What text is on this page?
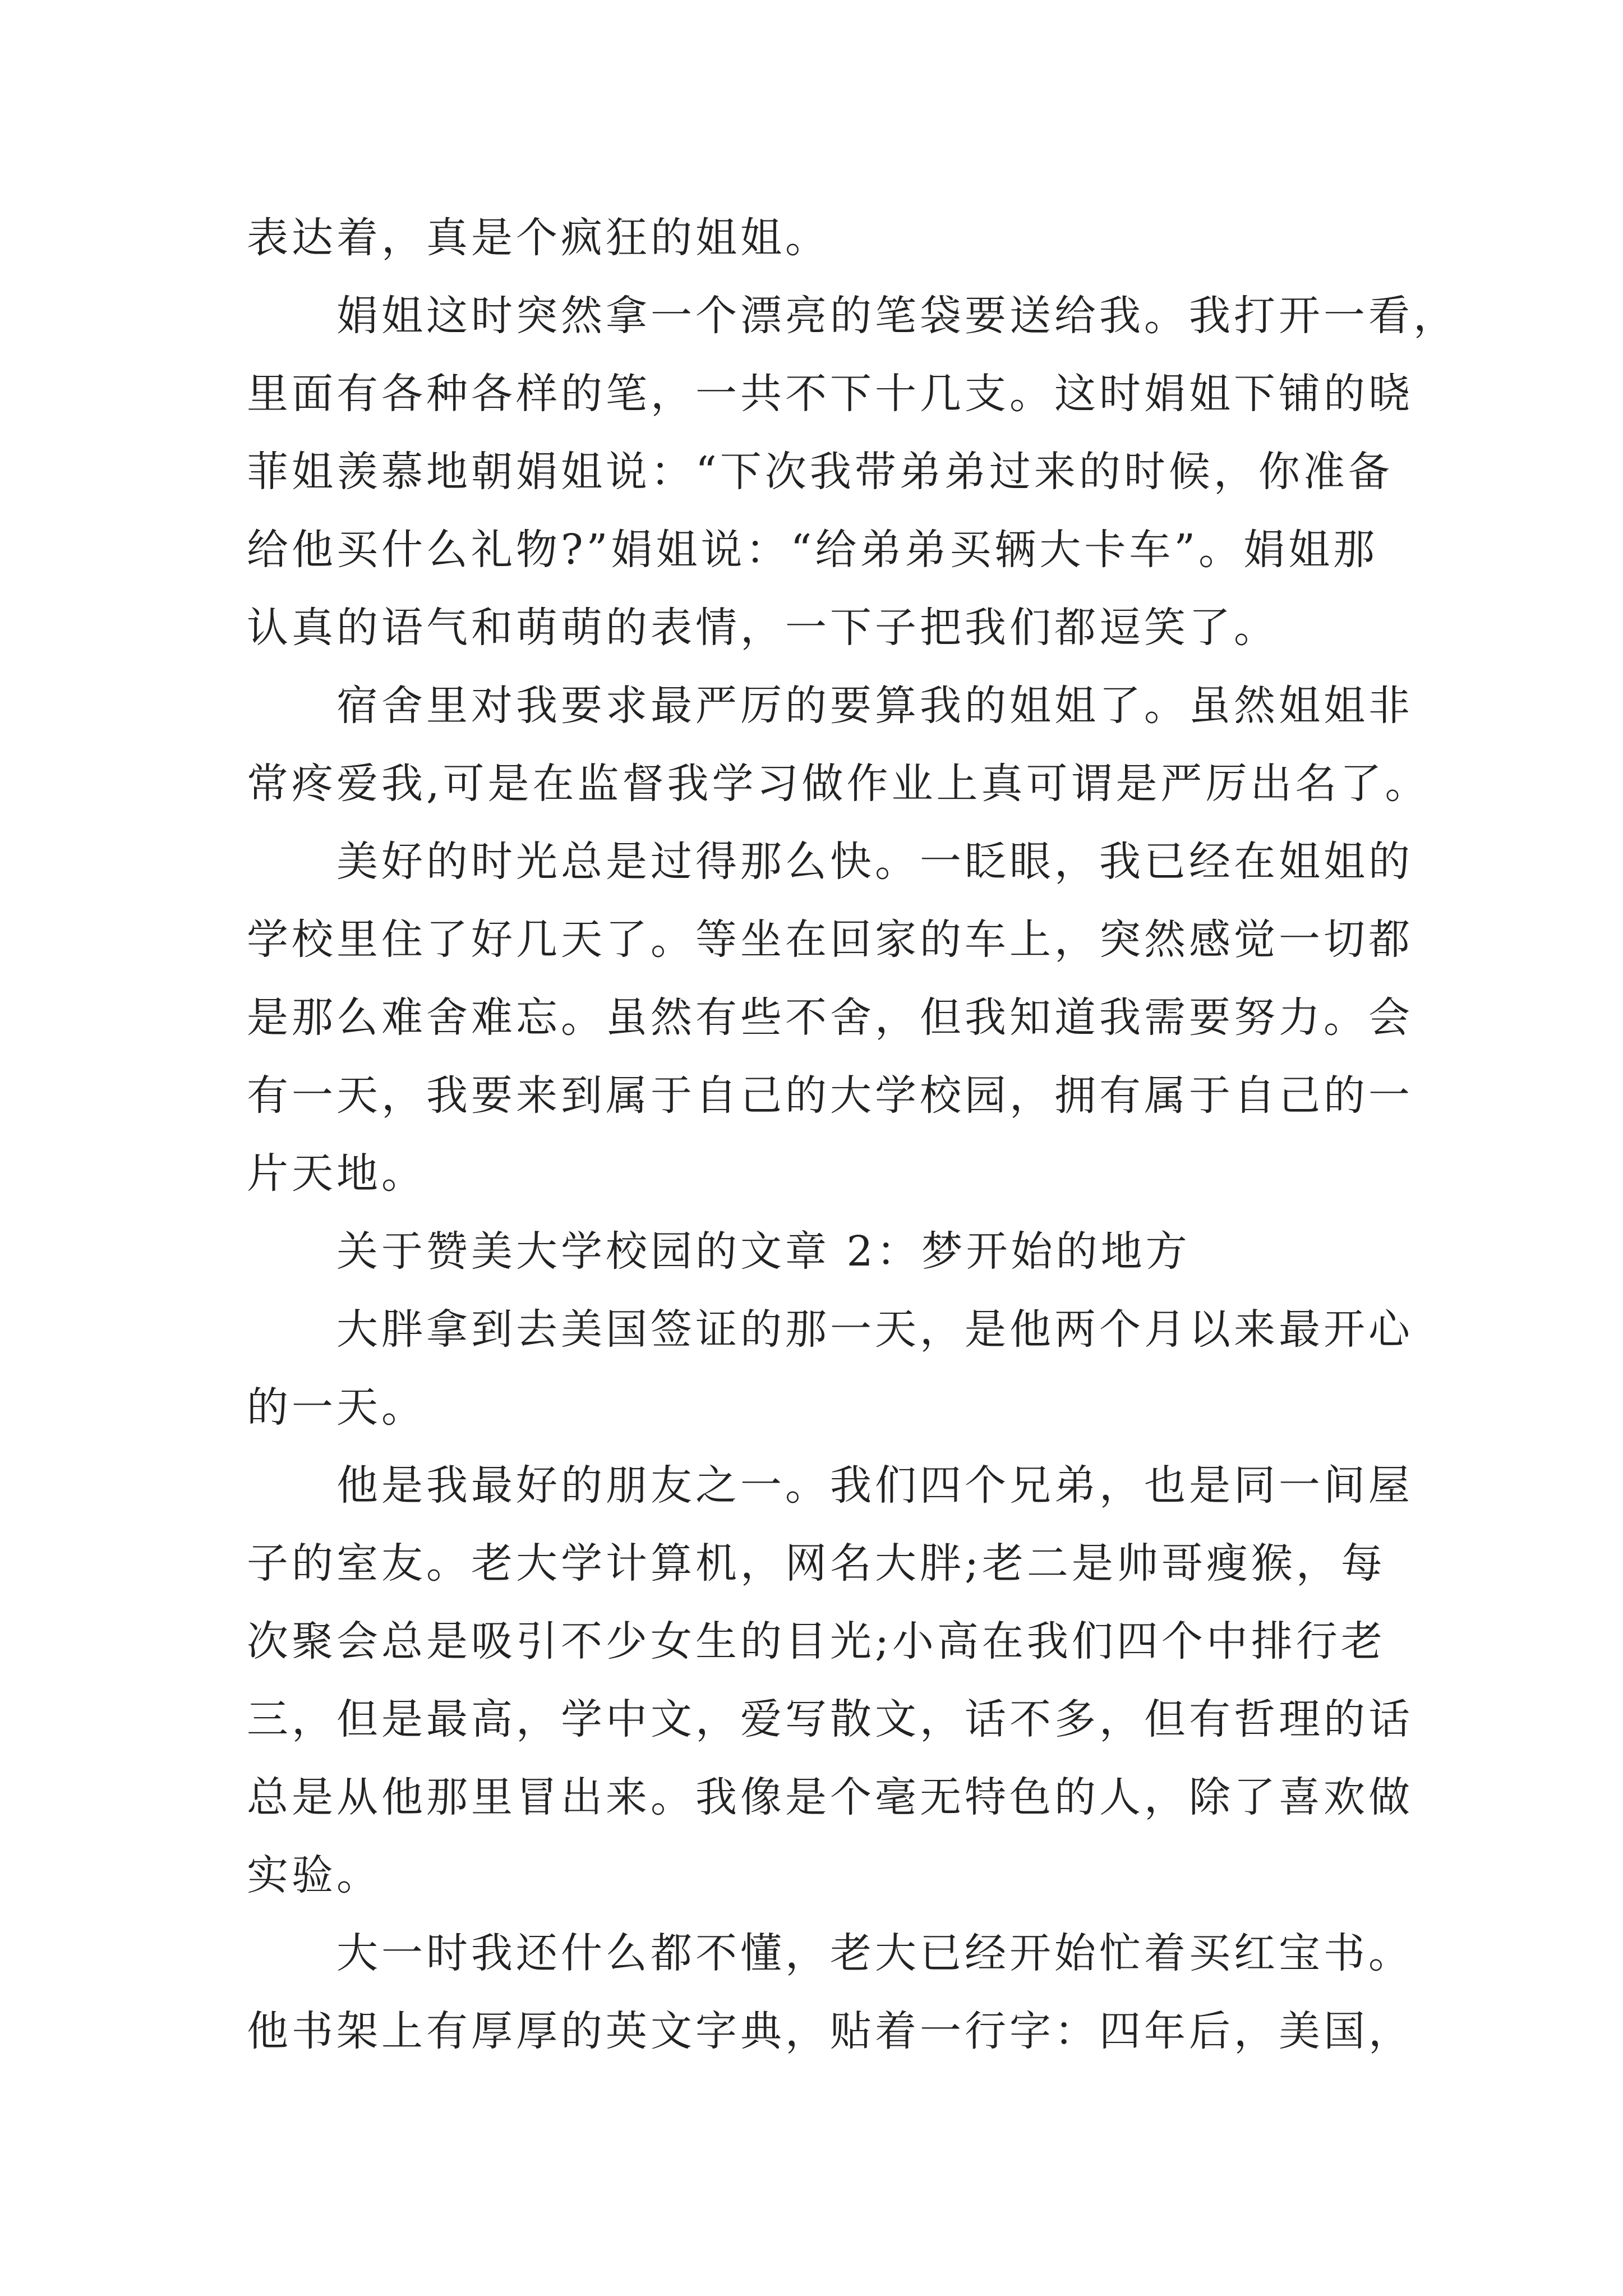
表达着，真是个疯狂的姐姐。
娟姐这时突然拿一个漂亮的笔袋要送给我。我打开一看，
里面有各种各样的笔，一共不下十几支。这时娟姐下铺的晓
菲姐羡慕地朝娟姐说：“下次我带弟弟过来的时候，你准备
给他买什么礼物?”娟姐说：“给弟弟买辆大卡车”。娟姐那
认真的语气和萌萌的表情，一下子把我们都逗笑了。
宿舍里对我要求最严厉的要算我的姐姐了。虽然姐姐非
常疼爱我,可是在监督我学习做作业上真可谓是严厉出名了。
美好的时光总是过得那么快。一眨眼，我已经在姐姐的
学校里住了好几天了。等坐在回家的车上，突然感觉一切都
是那么难舍难忘。虽然有些不舍，但我知道我需要努力。会
有一天，我要来到属于自己的大学校园，拥有属于自己的一
片天地。
关于赞美大学校园的文章 2：梦开始的地方
大胖拿到去美国签证的那一天，是他两个月以来最开心
的一天。
他是我最好的朋友之一。我们四个兄弟，也是同一间屋
子的室友。老大学计算机，网名大胖;老二是帅哥瘦猴，每
次聚会总是吸引不少女生的目光;小高在我们四个中排行老
三，但是最高，学中文，爱写散文，话不多，但有哲理的话
总是从他那里冒出来。我像是个毫无特色的人，除了喜欢做
实验。
大一时我还什么都不懂，老大已经开始忙着买红宝书。
他书架上有厚厚的英文字典，贴着一行字：四年后，美国，
